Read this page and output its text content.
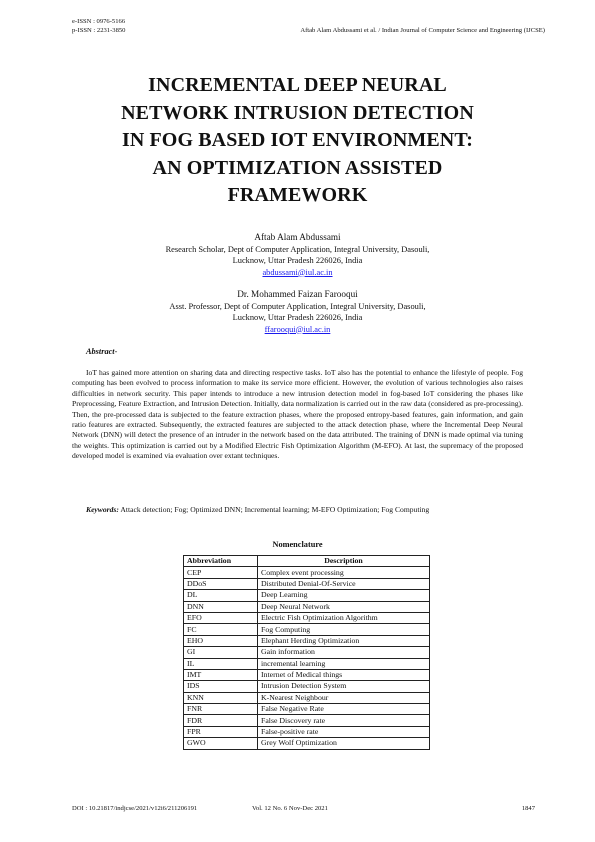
e-ISSN : 0976-5166
p-ISSN : 2231-3850	Aftab Alam Abdussami et al. / Indian Journal of Computer Science and Engineering (IJCSE)
INCREMENTAL DEEP NEURAL
NETWORK INTRUSION DETECTION
IN FOG BASED IOT ENVIRONMENT:
AN OPTIMIZATION ASSISTED
FRAMEWORK
Aftab Alam Abdussami
Research Scholar, Dept of Computer Application, Integral University, Dasouli,
Lucknow, Uttar Pradesh 226026, India
abdussami@iul.ac.in
Dr. Mohammed Faizan Farooqui
Asst. Professor, Dept of Computer Application, Integral University, Dasouli,
Lucknow, Uttar Pradesh 226026, India
ffarooqui@iul.ac.in
Abstract-

IoT has gained more attention on sharing data and directing respective tasks. IoT also has the potential to enhance the lifestyle of people. Fog computing has been evolved to process information to make its service more efficient. However, the evolution of various technologies also raises difficulties in network security. This paper intends to introduce a new intrusion detection model in fog-based IoT considering the phases like Preprocessing, Feature Extraction, and Intrusion Detection. Initially, data normalization is carried out in the raw data (considered as pre-processing). Then, the pre-processed data is subjected to the feature extraction phases, where the proposed entropy-based features, gain information, and gain ratio features are extracted. Subsequently, the extracted features are subjected to the attack detection phase, where the Incremental Deep Neural Network (DNN) will detect the presence of an intruder in the network based on the data attributed. The training of DNN is made optimal via tuning the weights. This optimization is carried out by a Modified Electric Fish Optimization Algorithm (M-EFO). At last, the supremacy of the proposed developed model is examined via evaluation over extant techniques.

Keywords: Attack detection; Fog; Optimized DNN; Incremental learning; M-EFO Optimization; Fog Computing

Nomenclature
Abbreviation	Description
CEP	Complex event processing
DDoS	Distributed Denial-Of-Service
DL	Deep Learning
DNN	Deep Neural Network
EFO	Electric Fish Optimization Algorithm
FC	Fog Computing
EHO	Elephant Herding Optimization
GI	Gain information
IL	incremental learning
IMT	Internet of Medical things
IDS	Intrusion Detection System
KNN	K-Nearest Neighbour
FNR	False Negative Rate
FDR	False Discovery rate
FPR	False-positive rate
GWO	Grey Wolf Optimization
DOI : 10.21817/indjcse/2021/v12i6/211206191	Vol. 12 No. 6 Nov-Dec 2021	1847
